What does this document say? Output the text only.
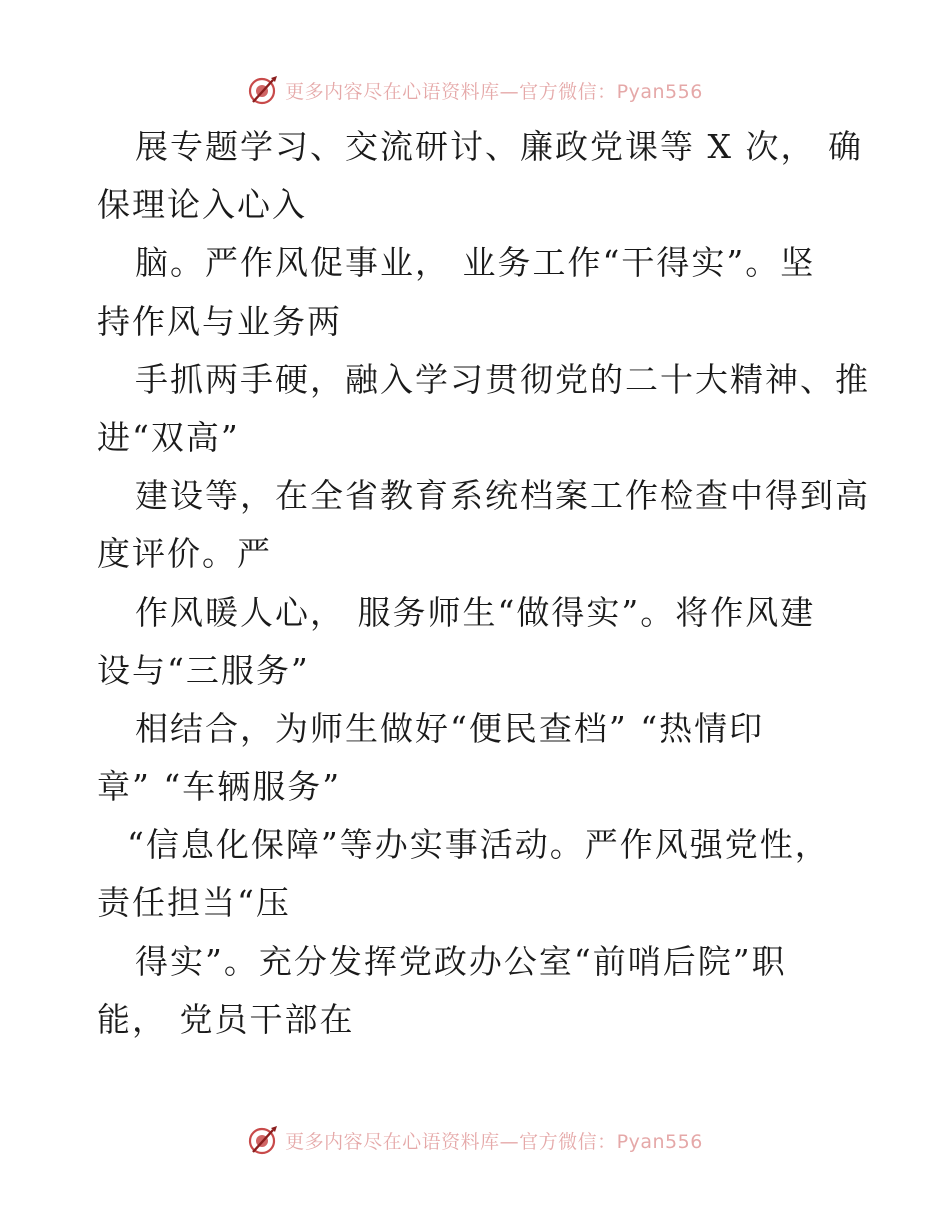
更多内容尽在心语资料库—官方微信：Pyan556
展专题学习、交流研讨、廉政党课等 X 次， 确
保理论入心入
脑。严作风促事业， 业务工作“干得实”。坚
持作风与业务两
手抓两手硬，融入学习贯彻党的二十大精神、推
进“双高”
建设等，在全省教育系统档案工作检查中得到高
度评价。严
作风暖人心， 服务师生“做得实”。将作风建
设与“三服务”
相结合，为师生做好“便民查档” “热情印
章” “车辆服务”
“信息化保障”等办实事活动。严作风强党性，
责任担当“压
得实”。充分发挥党政办公室“前哨后院”职
能， 党员干部在
更多内容尽在心语资料库—官方微信：Pyan556
